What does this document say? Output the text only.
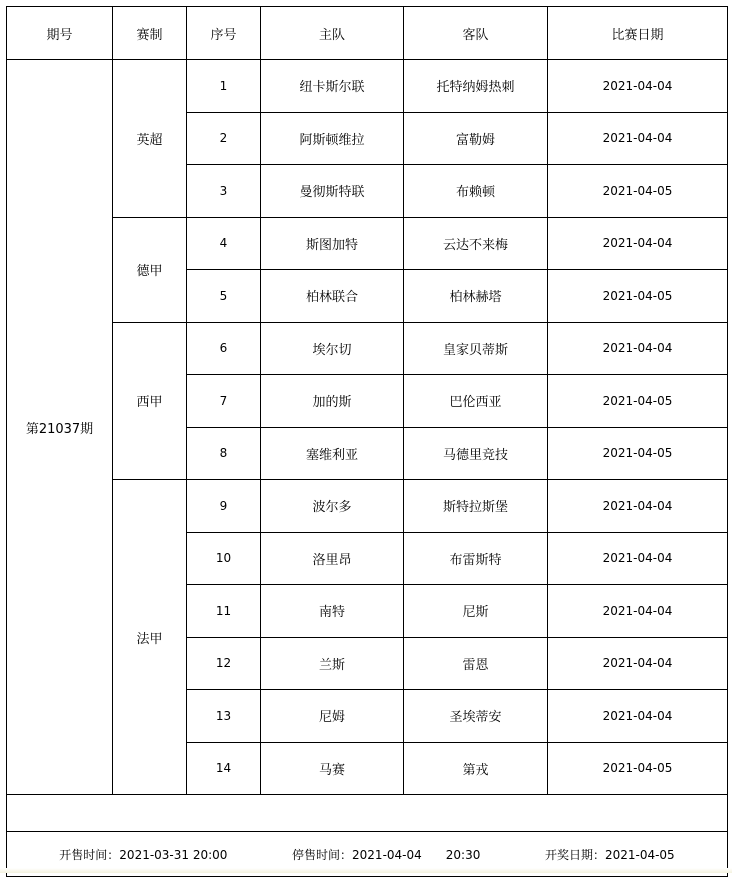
期号	赛制	序号	主队	客队	比赛日期
第21037期	英超	1	纽卡斯尔联	托特纳姆热刺	2021-04-04
		2	阿斯顿维拉	富勒姆	2021-04-04
		3	曼彻斯特联	布赖顿	2021-04-05
	德甲	4	斯图加特	云达不来梅	2021-04-04
		5	柏林联合	柏林赫塔	2021-04-05
	西甲	6	埃尔切	皇家贝蒂斯	2021-04-04
		7	加的斯	巴伦西亚	2021-04-05
		8	塞维利亚	马德里竞技	2021-04-05
	法甲	9	波尔多	斯特拉斯堡	2021-04-04
		10	洛里昂	布雷斯特	2021-04-04
		11	南特	尼斯	2021-04-04
		12	兰斯	雷恩	2021-04-04
		13	尼姆	圣埃蒂安	2021-04-04
		14	马赛	第戎	2021-04-05

开售时间：2021-03-31 20:00 停售时间：2021-04-04　　20:30 开奖日期：2021-04-05					
